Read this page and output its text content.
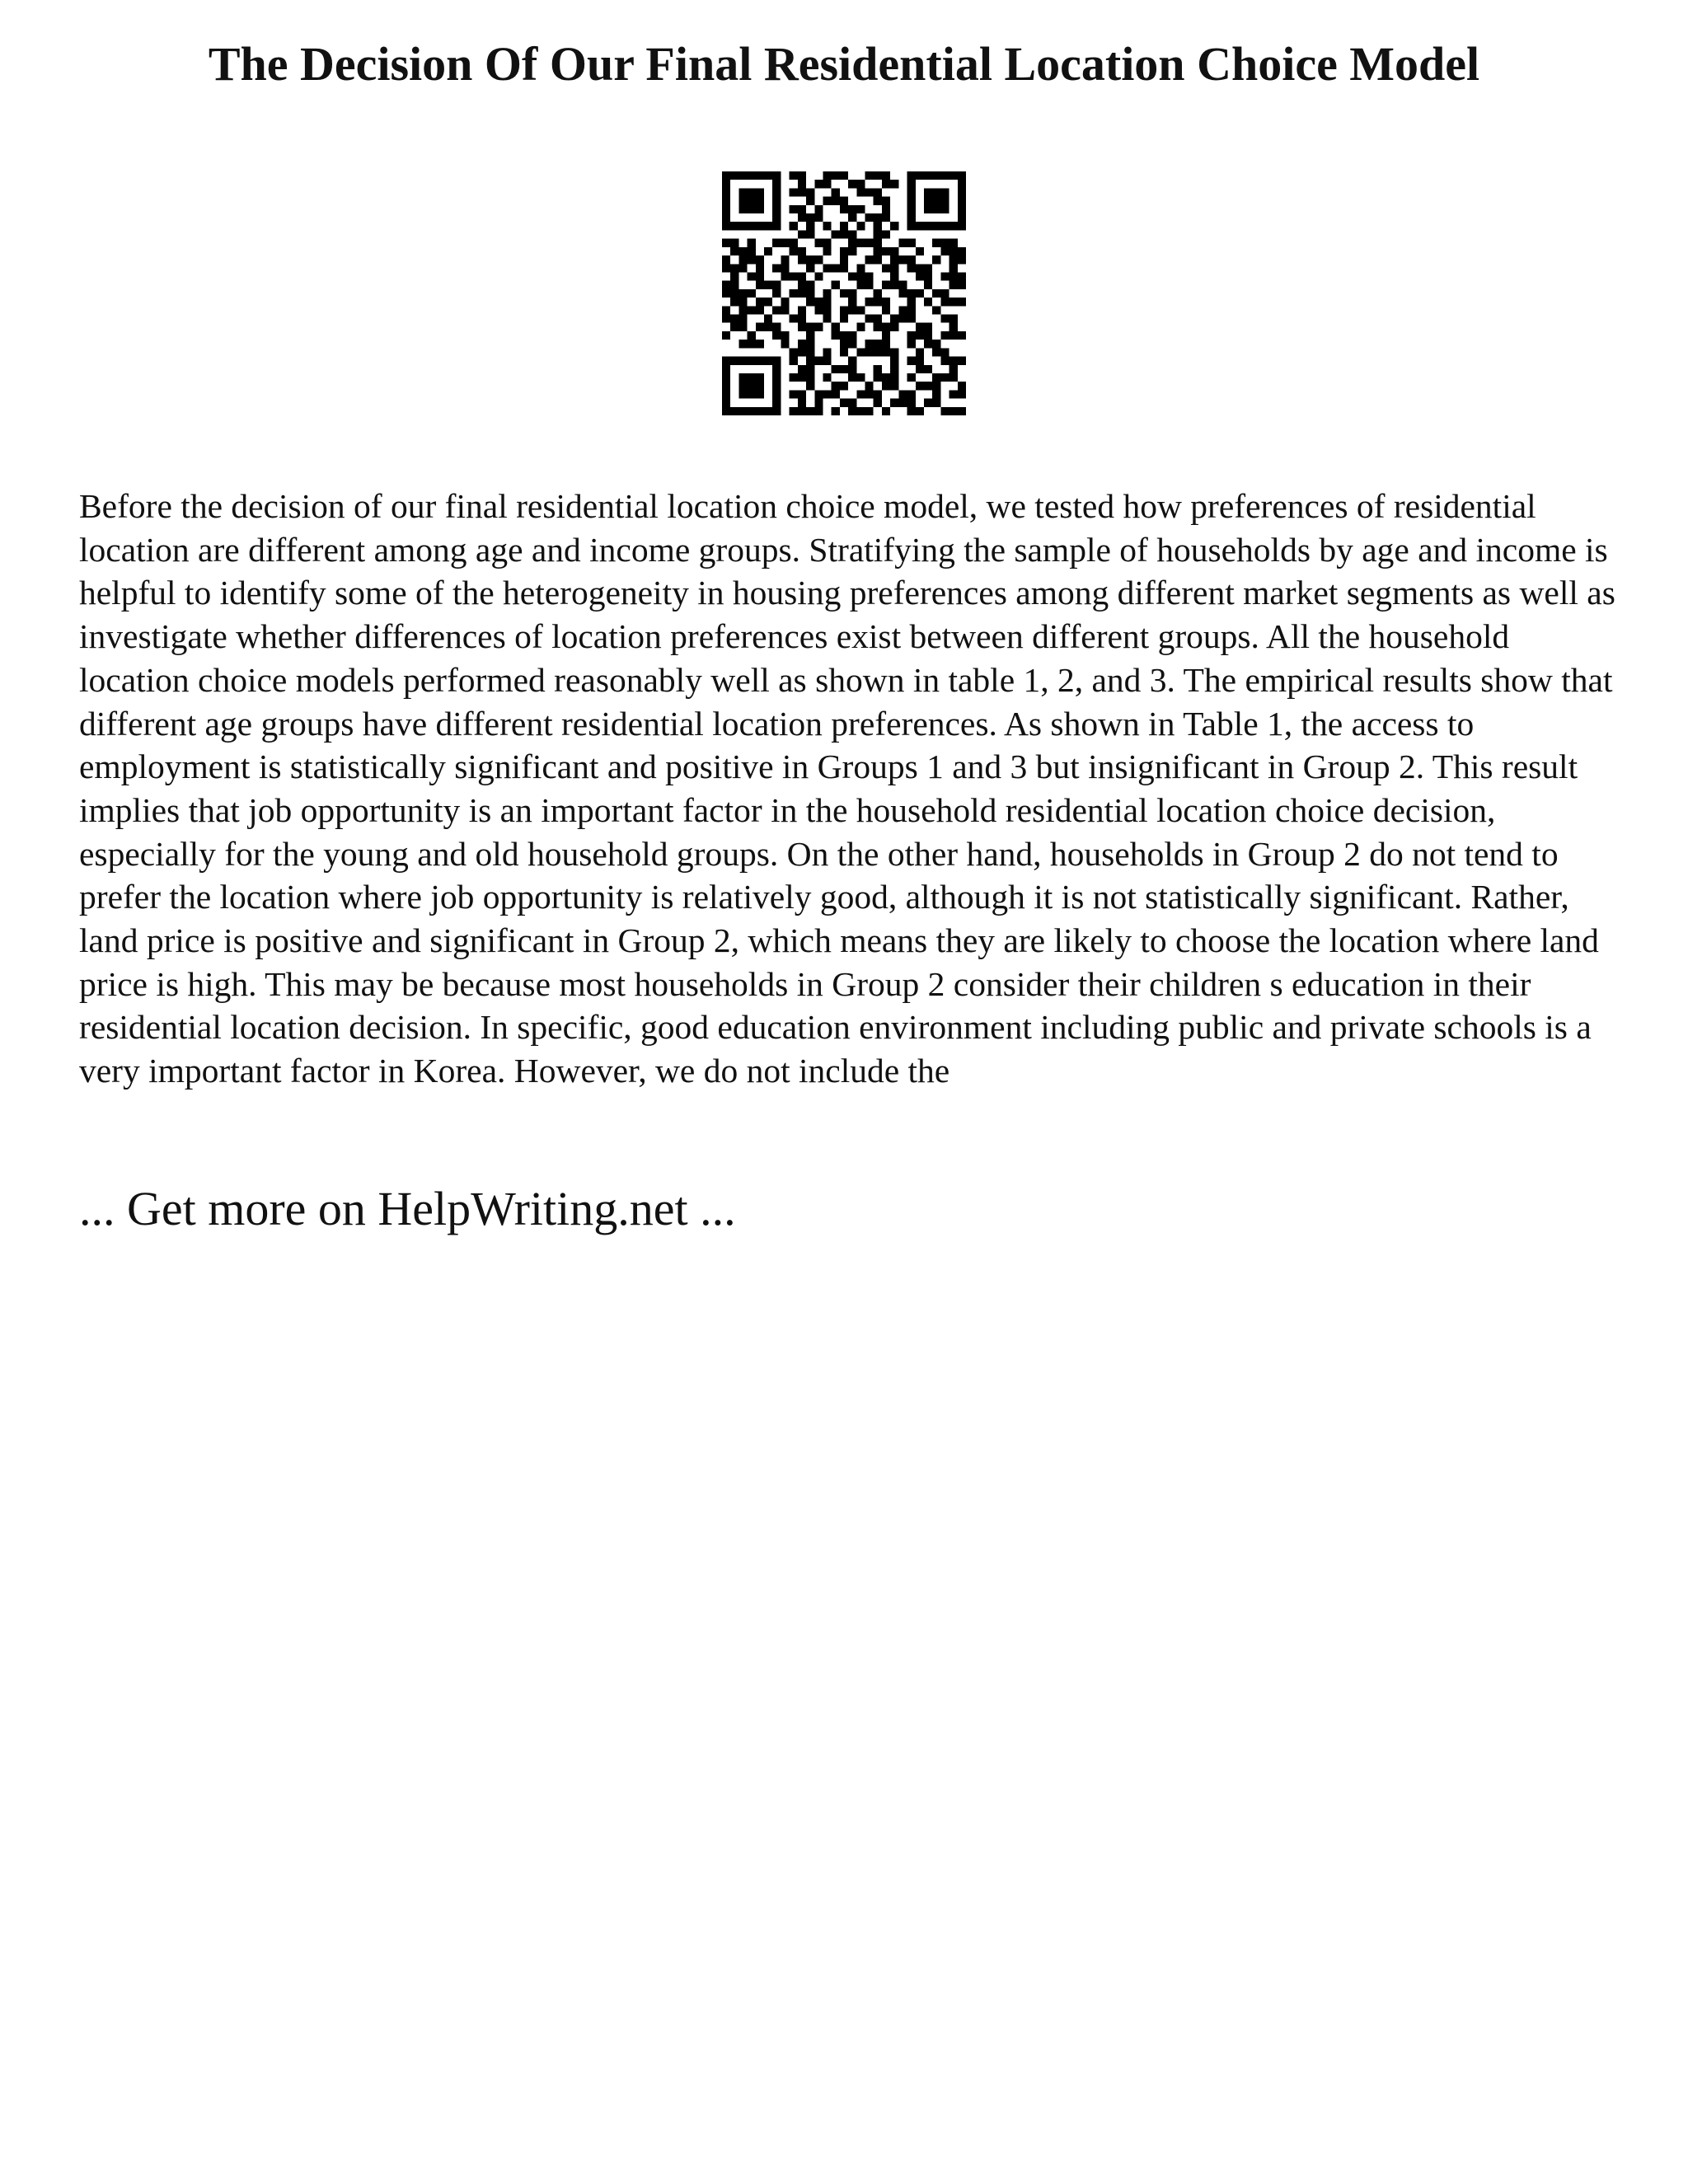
The Decision Of Our Final Residential Location Choice Model

Before the decision of our final residential location choice model, we tested how preferences of residential location are different among age and income groups. Stratifying the sample of households by age and income is helpful to identify some of the heterogeneity in housing preferences among different market segments as well as investigate whether differences of location preferences exist between different groups. All the household location choice models performed reasonably well as shown in table 1, 2, and 3. The empirical results show that different age groups have different residential location preferences. As shown in Table 1, the access to employment is statistically significant and positive in Groups 1 and 3 but insignificant in Group 2. This result implies that job opportunity is an important factor in the household residential location choice decision, especially for the young and old household groups. On the other hand, households in Group 2 do not tend to prefer the location where job opportunity is relatively good, although it is not statistically significant. Rather, land price is positive and significant in Group 2, which means they are likely to choose the location where land price is high. This may be because most households in Group 2 consider their children s education in their residential location decision. In specific, good education environment including public and private schools is a very important factor in Korea. However, we do not include the

... Get more on HelpWriting.net ...
